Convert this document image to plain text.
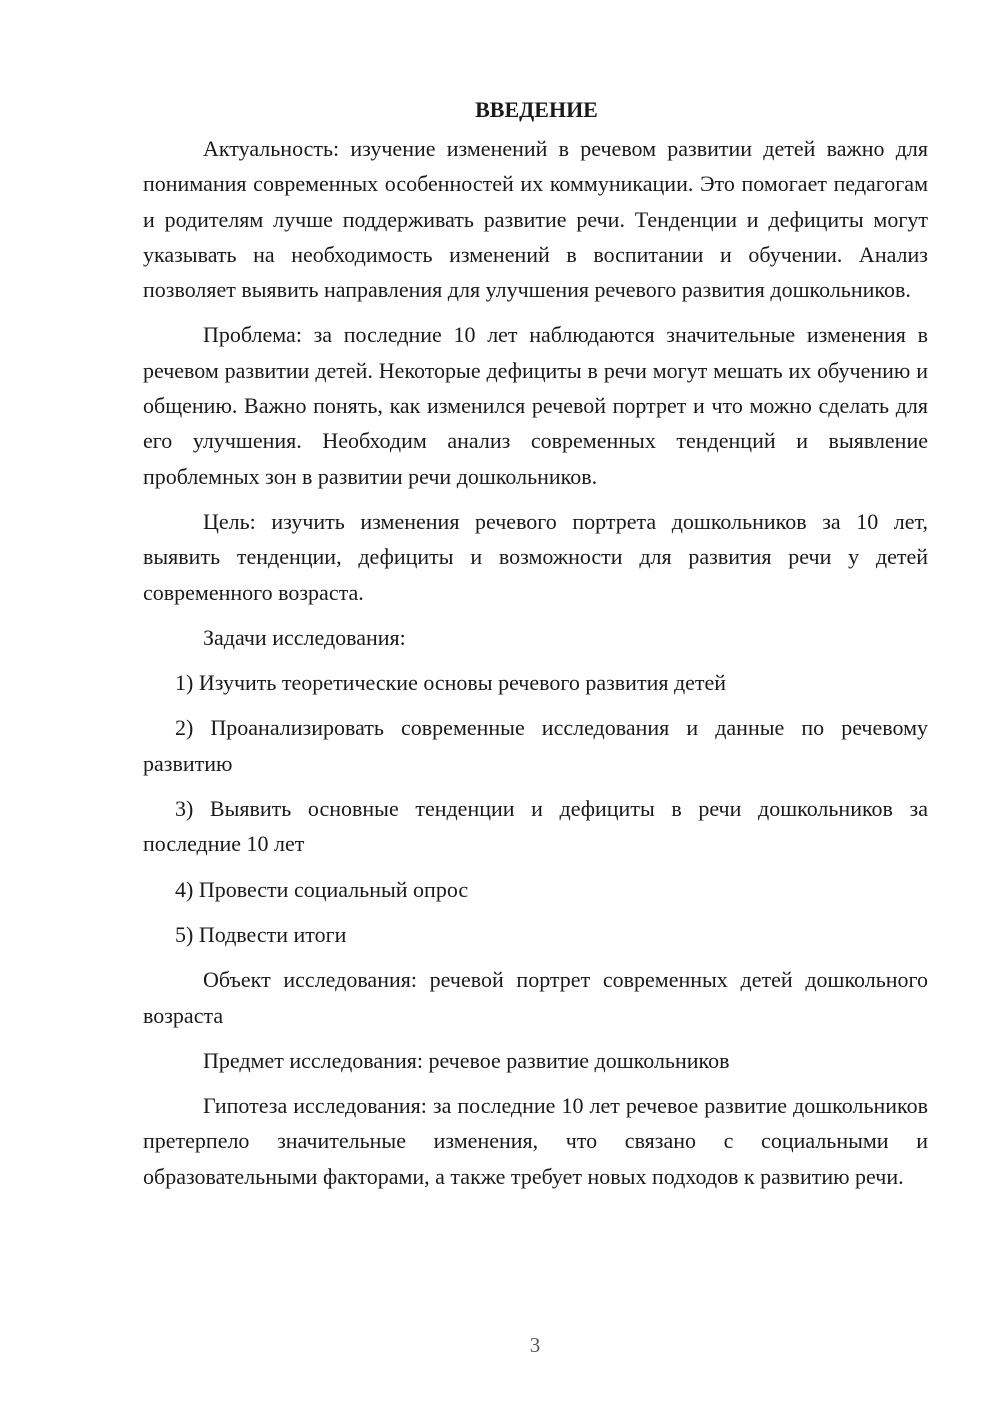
ВВЕДЕНИЕ

Актуальность: изучение изменений в речевом развитии детей важно для понимания современных особенностей их коммуникации. Это помогает педагогам и родителям лучше поддерживать развитие речи. Тенденции и дефициты могут указывать на необходимость изменений в воспитании и обучении. Анализ позволяет выявить направления для улучшения речевого развития дошкольников.

Проблема: за последние 10 лет наблюдаются значительные изменения в речевом развитии детей. Некоторые дефициты в речи могут мешать их обучению и общению. Важно понять, как изменился речевой портрет и что можно сделать для его улучшения. Необходим анализ современных тенденций и выявление проблемных зон в развитии речи дошкольников.

Цель: изучить изменения речевого портрета дошкольников за 10 лет, выявить тенденции, дефициты и возможности для развития речи у детей современного возраста.

Задачи исследования:

1) Изучить теоретические основы речевого развития детей

2) Проанализировать современные исследования и данные по речевому развитию

3) Выявить основные тенденции и дефициты в речи дошкольников за последние 10 лет

4) Провести социальный опрос

5) Подвести итоги

Объект исследования: речевой портрет современных детей дошкольного возраста

Предмет исследования: речевое развитие дошкольников

Гипотеза исследования: за последние 10 лет речевое развитие дошкольников претерпело значительные изменения, что связано с социальными и образовательными факторами, а также требует новых подходов к развитию речи.

3
